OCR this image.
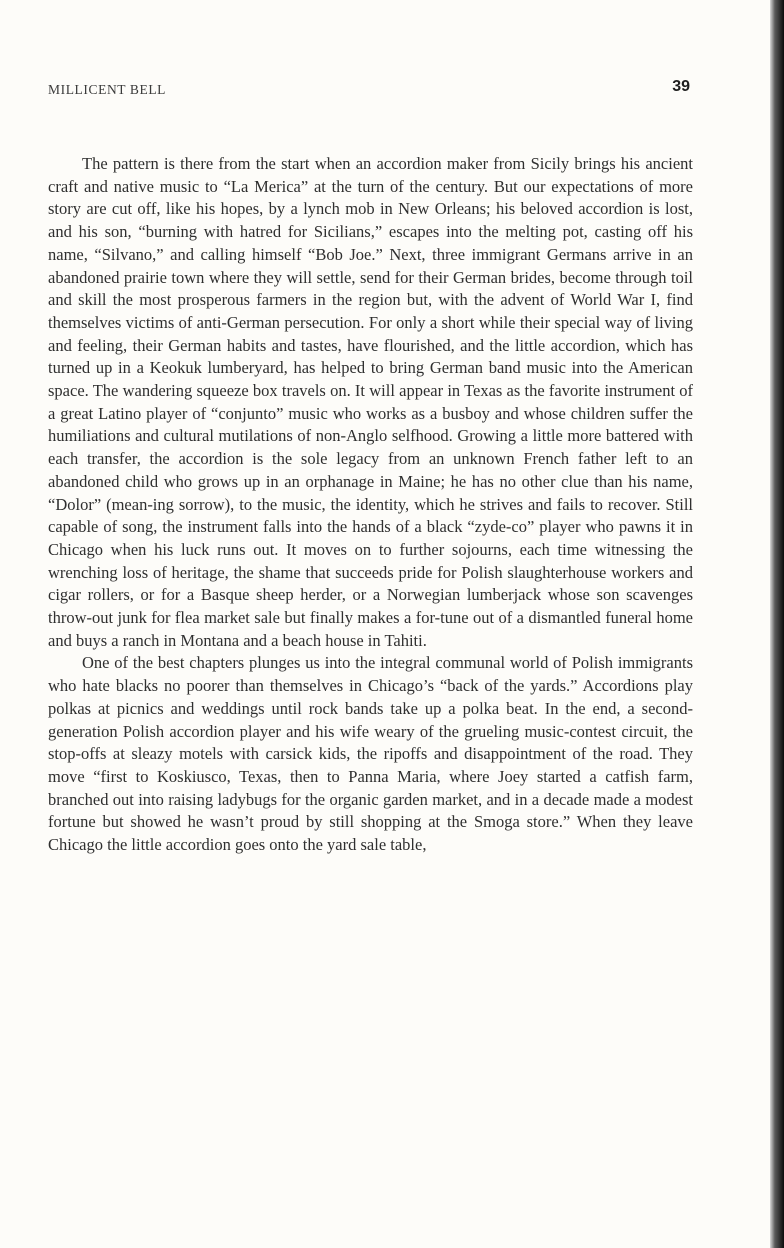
MILLICENT BELL	39

The pattern is there from the start when an accordion maker from Sicily brings his ancient craft and native music to “La Merica” at the turn of the century. But our expectations of more story are cut off, like his hopes, by a lynch mob in New Orleans; his beloved accordion is lost, and his son, “burning with hatred for Sicilians,” escapes into the melting pot, casting off his name, “Silvano,” and calling himself “Bob Joe.” Next, three immigrant Germans arrive in an abandoned prairie town where they will settle, send for their German brides, become through toil and skill the most prosperous farmers in the region but, with the advent of World War I, find themselves victims of anti-German persecution. For only a short while their special way of living and feeling, their German habits and tastes, have flourished, and the little accordion, which has turned up in a Keokuk lumberyard, has helped to bring German band music into the American space. The wandering squeeze box travels on. It will appear in Texas as the favorite instrument of a great Latino player of “conjunto” music who works as a busboy and whose children suffer the humiliations and cultural mutilations of non-Anglo selfhood. Growing a little more battered with each transfer, the accordion is the sole legacy from an unknown French father left to an abandoned child who grows up in an orphanage in Maine; he has no other clue than his name, “Dolor” (mean-ing sorrow), to the music, the identity, which he strives and fails to recover. Still capable of song, the instrument falls into the hands of a black “zyde-co” player who pawns it in Chicago when his luck runs out. It moves on to further sojourns, each time witnessing the wrenching loss of heritage, the shame that succeeds pride for Polish slaughterhouse workers and cigar rollers, or for a Basque sheep herder, or a Norwegian lumberjack whose son scavenges throw-out junk for flea market sale but finally makes a for-tune out of a dismantled funeral home and buys a ranch in Montana and a beach house in Tahiti.

One of the best chapters plunges us into the integral communal world of Polish immigrants who hate blacks no poorer than themselves in Chicago’s “back of the yards.” Accordions play polkas at picnics and weddings until rock bands take up a polka beat. In the end, a second-generation Polish accordion player and his wife weary of the grueling music-contest circuit, the stop-offs at sleazy motels with carsick kids, the ripoffs and disappointment of the road. They move “first to Koskiusco, Texas, then to Panna Maria, where Joey started a catfish farm, branched out into raising ladybugs for the organic garden market, and in a decade made a modest fortune but showed he wasn’t proud by still shopping at the Smoga store.” When they leave Chicago the little accordion goes onto the yard sale table,
